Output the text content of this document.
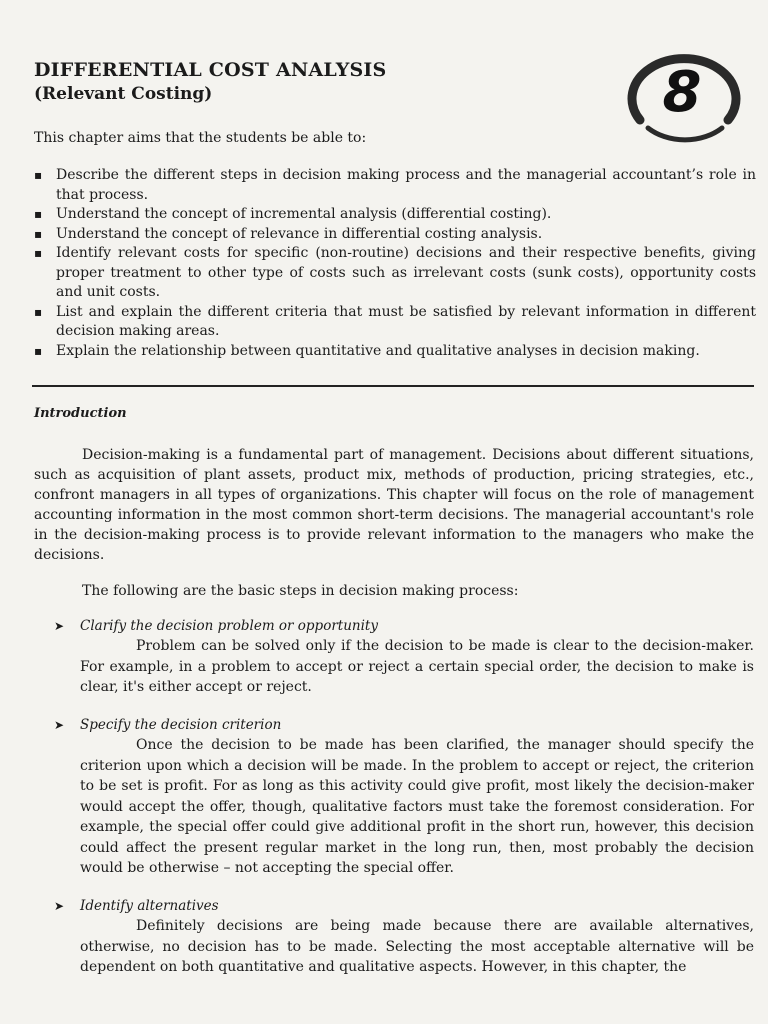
DIFFERENTIAL COST ANALYSIS
(Relevant Costing)	8
This chapter aims that the students be able to:
▪ Describe the different steps in decision making process and the managerial accountant’s role in that process.
▪ Understand the concept of incremental analysis (differential costing).
▪ Understand the concept of relevance in differential costing analysis.
▪ Identify relevant costs for specific (non-routine) decisions and their respective benefits, giving proper treatment to other type of costs such as irrelevant costs (sunk costs), opportunity costs and unit costs.
▪ List and explain the different criteria that must be satisfied by relevant information in different decision making areas.
▪ Explain the relationship between quantitative and qualitative analyses in decision making.
Introduction

Decision-making is a fundamental part of management. Decisions about different situations, such as acquisition of plant assets, product mix, methods of production, pricing strategies, etc., confront managers in all types of organizations. This chapter will focus on the role of management accounting information in the most common short-term decisions. The managerial accountant's role in the decision-making process is to provide relevant information to the managers who make the decisions.

The following are the basic steps in decision making process:
➤	Clarify the decision problem or opportunity
Problem can be solved only if the decision to be made is clear to the decision-maker. For example, in a problem to accept or reject a certain special order, the decision to make is clear, it's either accept or reject.
➤	Specify the decision criterion
Once the decision to be made has been clarified, the manager should specify the criterion upon which a decision will be made. In the problem to accept or reject, the criterion to be set is profit. For as long as this activity could give profit, most likely the decision-maker would accept the offer, though, qualitative factors must take the foremost consideration. For example, the special offer could give additional profit in the short run, however, this decision could affect the present regular market in the long run, then, most probably the decision would be otherwise – not accepting the special offer.
➤	Identify alternatives
Definitely decisions are being made because there are available alternatives, otherwise, no decision has to be made. Selecting the most acceptable alternative will be dependent on both quantitative and qualitative aspects. However, in this chapter, the
